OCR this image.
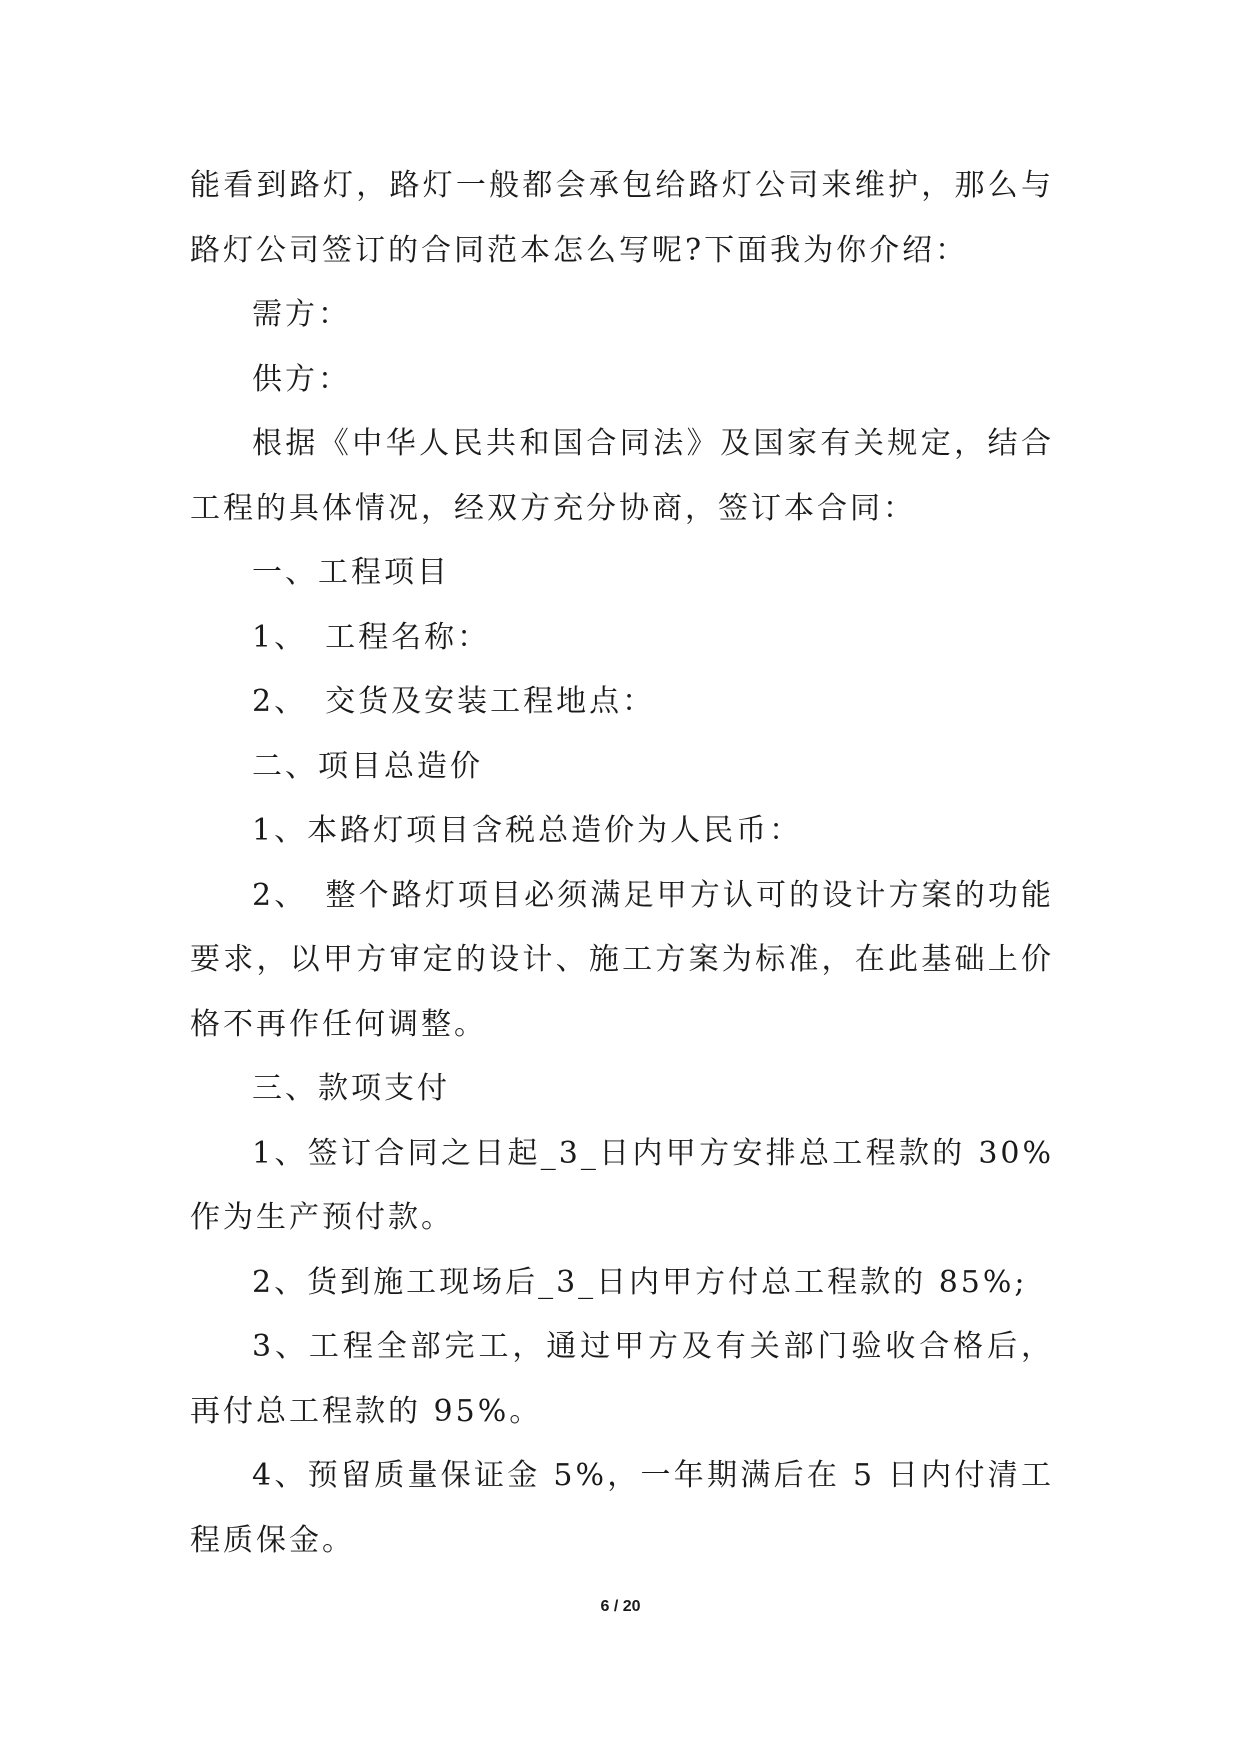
能看到路灯，路灯一般都会承包给路灯公司来维护，那么与路灯公司签订的合同范本怎么写呢?下面我为你介绍：

需方：

供方：

根据《中华人民共和国合同法》及国家有关规定，结合工程的具体情况，经双方充分协商，签订本合同：

一、工程项目

1、　工程名称：

2、　交货及安装工程地点：

二、项目总造价

1、本路灯项目含税总造价为人民币：

2、　整个路灯项目必须满足甲方认可的设计方案的功能要求，以甲方审定的设计、施工方案为标准，在此基础上价格不再作任何调整。

三、款项支付

1、签订合同之日起_3_日内甲方安排总工程款的 30%作为生产预付款。

2、货到施工现场后_3_日内甲方付总工程款的 85%;

3、工程全部完工，通过甲方及有关部门验收合格后，再付总工程款的 95%。

4、预留质量保证金 5%，一年期满后在 5 日内付清工程质保金。

6 / 20
